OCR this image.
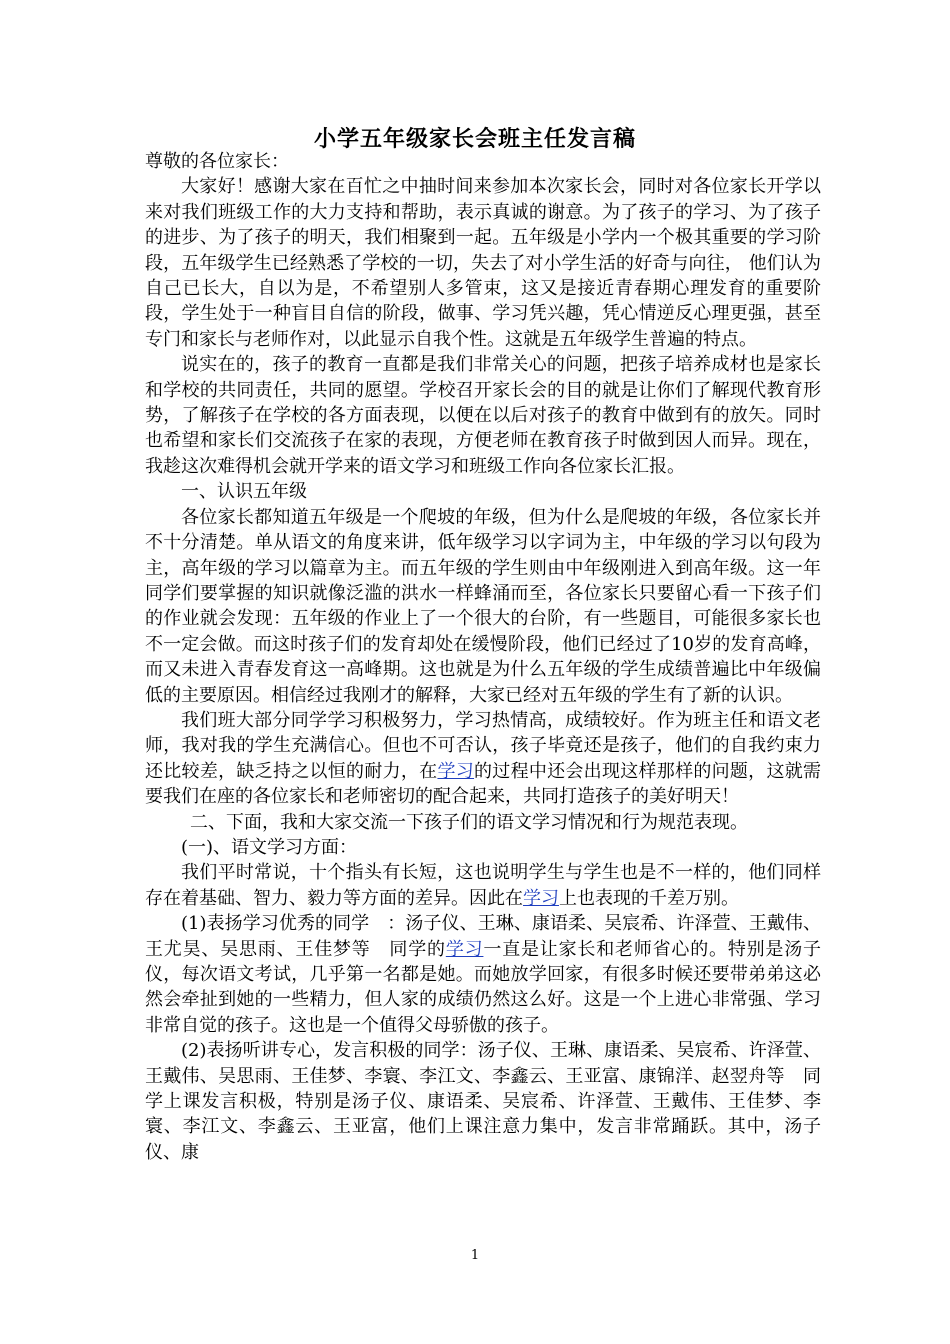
小学五年级家长会班主任发言稿

尊敬的各位家长：

大家好！感谢大家在百忙之中抽时间来参加本次家长会，同时对各位家长开学以来对我们班级工作的大力支持和帮助，表示真诚的谢意。为了孩子的学习、为了孩子的进步、为了孩子的明天，我们相聚到一起。五年级是小学内一个极其重要的学习阶段，五年级学生已经熟悉了学校的一切，失去了对小学生活的好奇与向往， 他们认为自己已长大，自以为是，不希望别人多管束，这又是接近青春期心理发育的重要阶段，学生处于一种盲目自信的阶段，做事、学习凭兴趣，凭心情逆反心理更强，甚至专门和家长与老师作对，以此显示自我个性。这就是五年级学生普遍的特点。

说实在的，孩子的教育一直都是我们非常关心的问题，把孩子培养成材也是家长和学校的共同责任，共同的愿望。学校召开家长会的目的就是让你们了解现代教育形势，了解孩子在学校的各方面表现，以便在以后对孩子的教育中做到有的放矢。同时也希望和家长们交流孩子在家的表现，方便老师在教育孩子时做到因人而异。现在，我趁这次难得机会就开学来的语文学习和班级工作向各位家长汇报。

一、认识五年级

各位家长都知道五年级是一个爬坡的年级，但为什么是爬坡的年级，各位家长并不十分清楚。单从语文的角度来讲，低年级学习以字词为主，中年级的学习以句段为主，高年级的学习以篇章为主。而五年级的学生则由中年级刚进入到高年级。这一年同学们要掌握的知识就像泛滥的洪水一样蜂涌而至，各位家长只要留心看一下孩子们的作业就会发现：五年级的作业上了一个很大的台阶，有一些题目，可能很多家长也不一定会做。而这时孩子们的发育却处在缓慢阶段，他们已经过了10岁的发育高峰，而又未进入青春发育这一高峰期。这也就是为什么五年级的学生成绩普遍比中年级偏低的主要原因。相信经过我刚才的解释，大家已经对五年级的学生有了新的认识。

我们班大部分同学学习积极努力，学习热情高，成绩较好。作为班主任和语文老师，我对我的学生充满信心。但也不可否认，孩子毕竟还是孩子，他们的自我约束力还比较差，缺乏持之以恒的耐力，在学习的过程中还会出现这样那样的问题，这就需要我们在座的各位家长和老师密切的配合起来，共同打造孩子的美好明天！

二、下面，我和大家交流一下孩子们的语文学习情况和行为规范表现。

(一)、语文学习方面：

我们平时常说，十个指头有长短，这也说明学生与学生也是不一样的，他们同样存在着基础、智力、毅力等方面的差异。因此在学习上也表现的千差万别。

(1)表扬学习优秀的同学　：汤子仪、王琳、康语柔、吴宸希、许泽萱、王戴伟、王尤昊、吴思雨、王佳梦等　同学的学习一直是让家长和老师省心的。特别是汤子仪，每次语文考试，几乎第一名都是她。而她放学回家，有很多时候还要带弟弟这必然会牵扯到她的一些精力，但人家的成绩仍然这么好。这是一个上进心非常强、学习非常自觉的孩子。这也是一个值得父母骄傲的孩子。

(2)表扬听讲专心，发言积极的同学：汤子仪、王琳、康语柔、吴宸希、许泽萱、王戴伟、吴思雨、王佳梦、李寰、李江文、李鑫云、王亚富、康锦洋、赵翌舟等　同学上课发言积极，特别是汤子仪、康语柔、吴宸希、许泽萱、王戴伟、王佳梦、李寰、李江文、李鑫云、王亚富，他们上课注意力集中，发言非常踊跃。其中，汤子仪、康

1
